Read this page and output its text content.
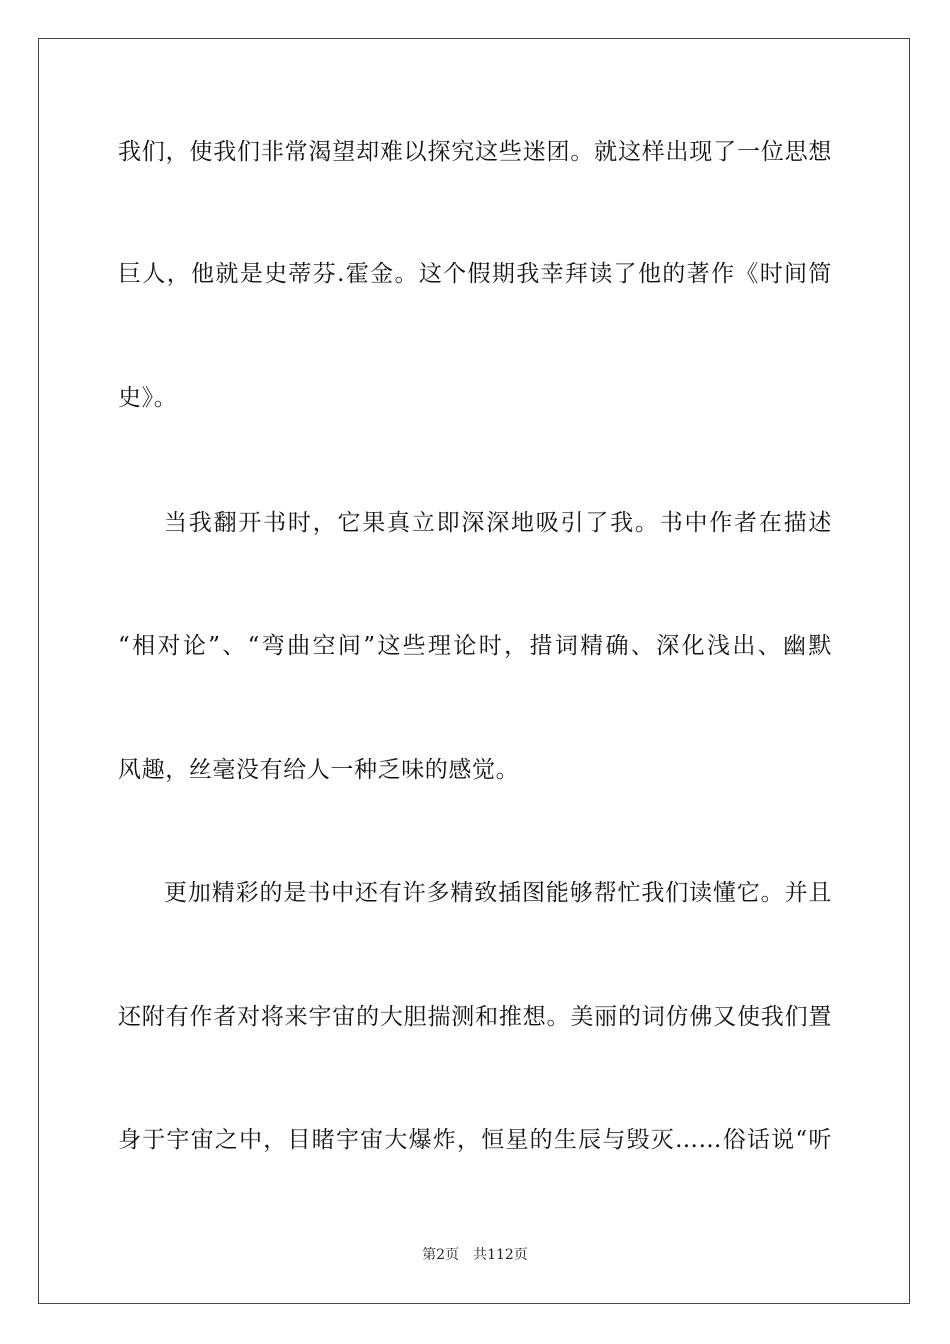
我们，使我们非常渴望却难以探究这些迷团。就这样出现了一位思想
巨人，他就是史蒂芬.霍金。这个假期我幸拜读了他的著作《时间简
史》。
当我翻开书时，它果真立即深深地吸引了我。书中作者在描述
“相对论”、“弯曲空间”这些理论时，措词精确、深化浅出、幽默
风趣，丝毫没有给人一种乏味的感觉。
更加精彩的是书中还有许多精致插图能够帮忙我们读懂它。并且
还附有作者对将来宇宙的大胆揣测和推想。美丽的词仿佛又使我们置
身于宇宙之中，目睹宇宙大爆炸，恒星的生辰与毁灭……俗话说“听
第2页　共112页
